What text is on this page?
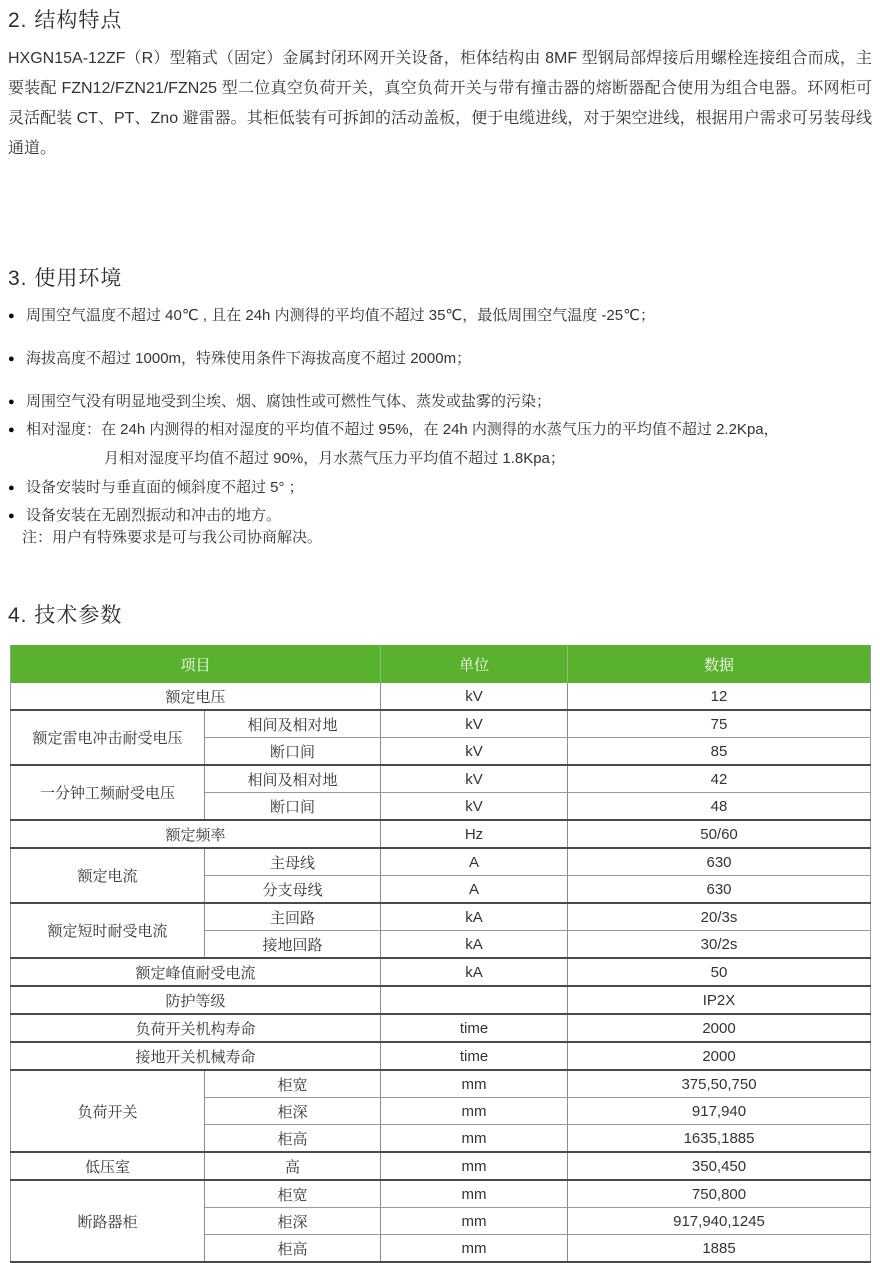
2. 结构特点

HXGN15A-12ZF（R）型箱式（固定）金属封闭环网开关设备，柜体结构由 8MF 型钢局部焊接后用螺栓连接组合而成，主要装配 FZN12/FZN21/FZN25 型二位真空负荷开关，真空负荷开关与带有撞击器的熔断器配合使用为组合电器。环网柜可灵活配装 CT、PT、Zno 避雷器。其柜低装有可拆卸的活动盖板，便于电缆进线，对于架空进线，根据用户需求可另装母线通道。

3. 使用环境
● 周围空气温度不超过 40℃ , 且在 24h 内测得的平均值不超过 35℃，最低周围空气温度 -25℃；
● 海拔高度不超过 1000m，特殊使用条件下海拔高度不超过 2000m；
● 周围空气没有明显地受到尘埃、烟、腐蚀性或可燃性气体、蒸发或盐雾的污染；
● 相对湿度：在 24h 内测得的相对湿度的平均值不超过 95%，在 24h 内测得的水蒸气压力的平均值不超过 2.2Kpa，
月相对湿度平均值不超过 90%，月水蒸气压力平均值不超过 1.8Kpa；
● 设备安装时与垂直面的倾斜度不超过 5° ；
● 设备安装在无剧烈振动和冲击的地方。
注：用户有特殊要求是可与我公司协商解决。
4. 技术参数
项目		单位	数据
额定电压		kV	12
额定雷电冲击耐受电压	相间及相对地	kV	75
	断口间	kV	85
一分钟工频耐受电压	相间及相对地	kV	42
	断口间	kV	48
额定频率		Hz	50/60
额定电流	主母线	A	630
	分支母线	A	630
额定短时耐受电流	主回路	kA	20/3s
	接地回路	kA	30/2s
额定峰值耐受电流		kA	50
防护等级			IP2X
负荷开关机构寿命		time	2000
接地开关机械寿命		time	2000
负荷开关	柜宽	mm	375,50,750
	柜深	mm	917,940
	柜高	mm	1635,1885
低压室	高	mm	350,450
断路器柜	柜宽	mm	750,800
	柜深	mm	917,940,1245
	柜高	mm	1885
